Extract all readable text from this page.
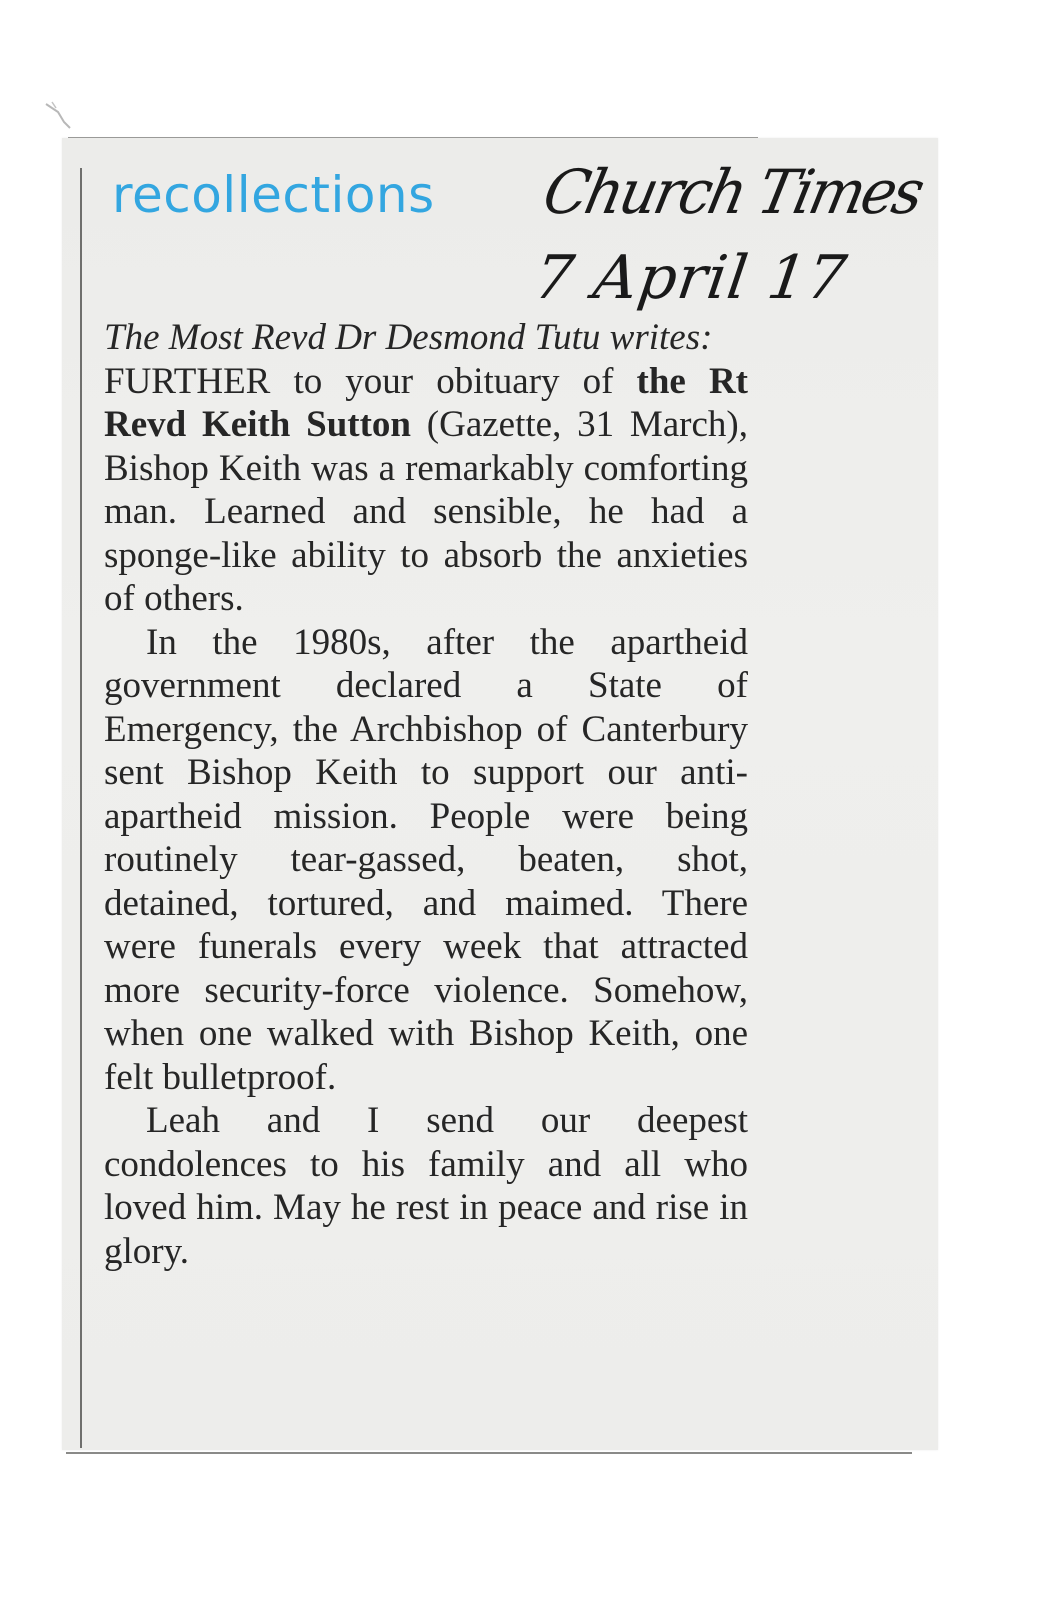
recollections Church Times
7 April 17

The Most Revd Dr Desmond Tutu writes:

FURTHER to your obituary of the Rt Revd Keith Sutton (Gazette, 31 March), Bishop Keith was a remarkably comforting man. Learned and sensible, he had a sponge-like ability to absorb the anxieties of others.

In the 1980s, after the apartheid government declared a State of Emergency, the Archbishop of Canterbury sent Bishop Keith to support our anti-apartheid mission. People were being routinely tear-gassed, beaten, shot, detained, tortured, and maimed. There were funerals every week that attracted more security-force violence. Somehow, when one walked with Bishop Keith, one felt bulletproof.

Leah and I send our deepest condolences to his family and all who loved him. May he rest in peace and rise in glory.
